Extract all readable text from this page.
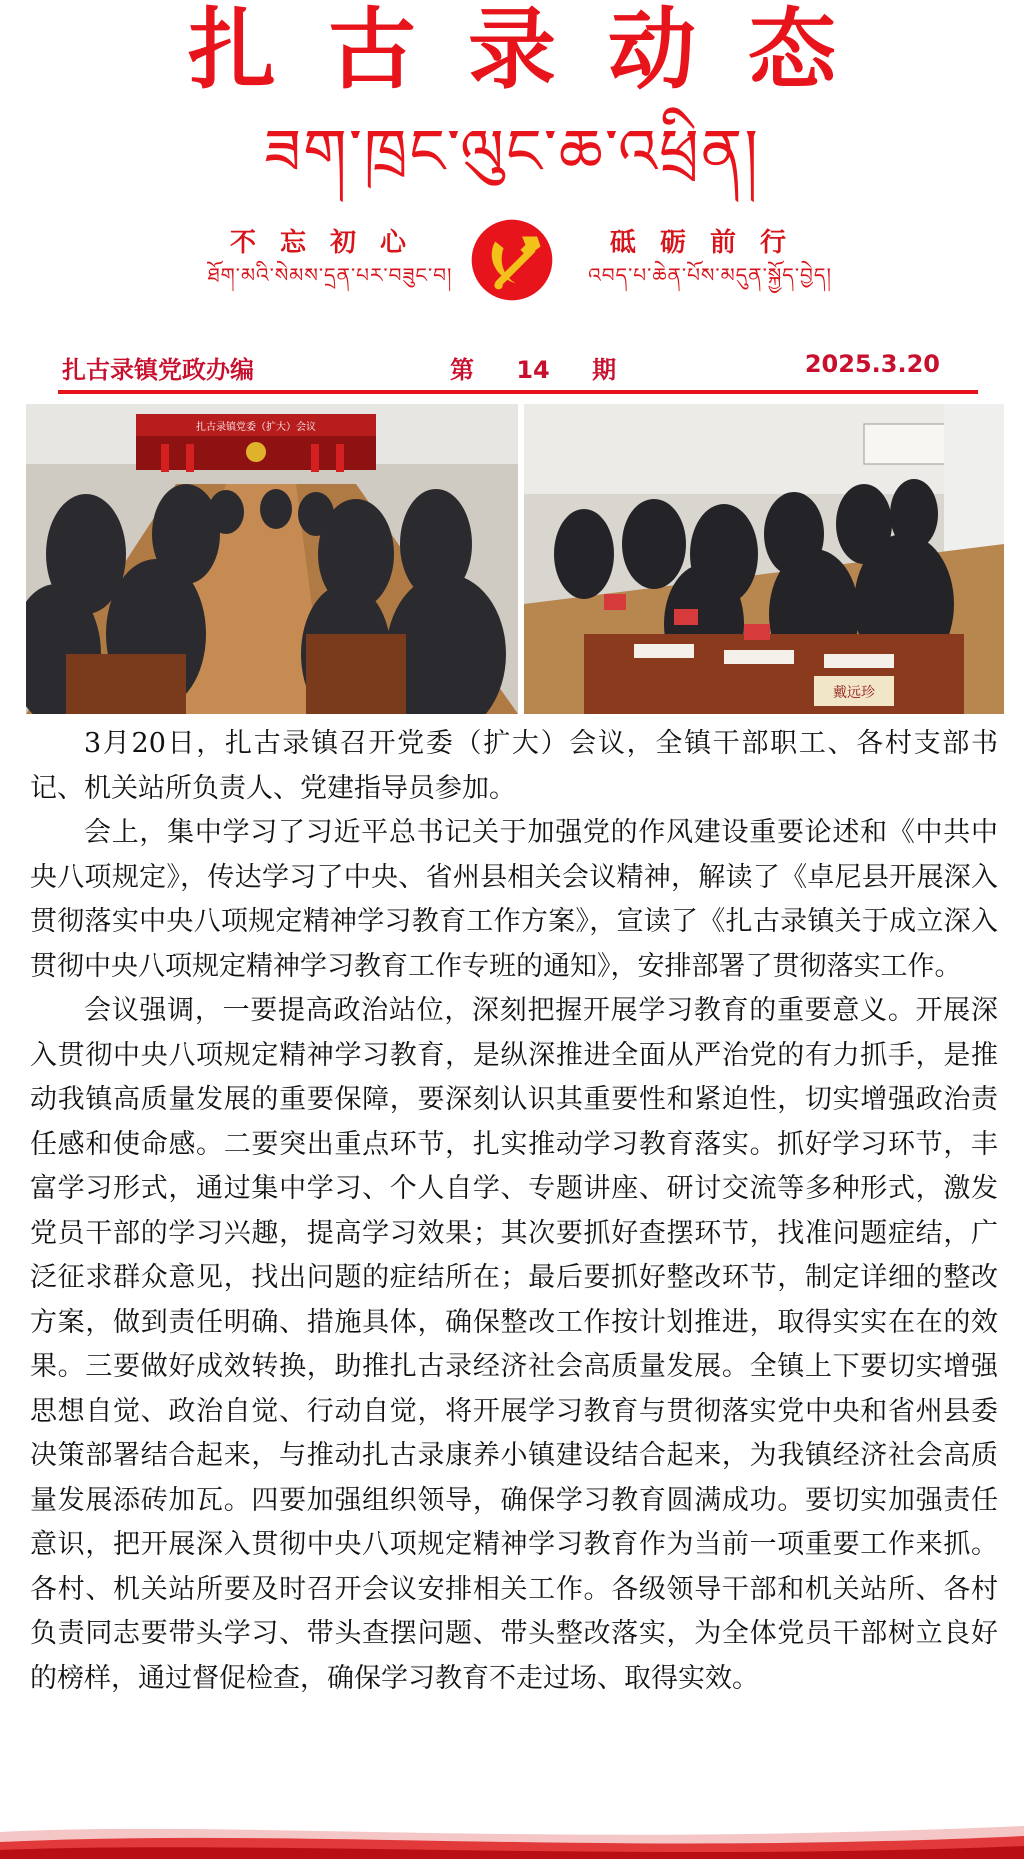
扎古录动态
ཟག་ཁྲང་ལུང་ཆ་འཕྲིན།
不忘初心
ཐོག་མའི་སེམས་དྲན་པར་བཟུང་བ།
砥砺前行
འབད་པ་ཆེན་པོས་མདུན་སྐྱོད་བྱེད།
扎古录镇党政办编	第 14 期	2025.3.20
扎古录镇党委（扩大）会议
戴远珍

3月20日，扎古录镇召开党委（扩大）会议，全镇干部职工、各村支部书记、机关站所负责人、党建指导员参加。

会上，集中学习了习近平总书记关于加强党的作风建设重要论述和《中共中央八项规定》，传达学习了中央、省州县相关会议精神，解读了《卓尼县开展深入贯彻落实中央八项规定精神学习教育工作方案》，宣读了《扎古录镇关于成立深入贯彻中央八项规定精神学习教育工作专班的通知》，安排部署了贯彻落实工作。

会议强调，一要提高政治站位，深刻把握开展学习教育的重要意义。开展深入贯彻中央八项规定精神学习教育，是纵深推进全面从严治党的有力抓手，是推动我镇高质量发展的重要保障，要深刻认识其重要性和紧迫性，切实增强政治责任感和使命感。二要突出重点环节，扎实推动学习教育落实。抓好学习环节，丰富学习形式，通过集中学习、个人自学、专题讲座、研讨交流等多种形式，激发党员干部的学习兴趣，提高学习效果；其次要抓好查摆环节，找准问题症结，广泛征求群众意见，找出问题的症结所在；最后要抓好整改环节，制定详细的整改方案，做到责任明确、措施具体，确保整改工作按计划推进，取得实实在在的效果。三要做好成效转换，助推扎古录经济社会高质量发展。全镇上下要切实增强思想自觉、政治自觉、行动自觉，将开展学习教育与贯彻落实党中央和省州县委决策部署结合起来，与推动扎古录康养小镇建设结合起来，为我镇经济社会高质量发展添砖加瓦。四要加强组织领导，确保学习教育圆满成功。要切实加强责任意识，把开展深入贯彻中央八项规定精神学习教育作为当前一项重要工作来抓。各村、机关站所要及时召开会议安排相关工作。各级领导干部和机关站所、各村负责同志要带头学习、带头查摆问题、带头整改落实，为全体党员干部树立良好的榜样，通过督促检查，确保学习教育不走过场、取得实效。
